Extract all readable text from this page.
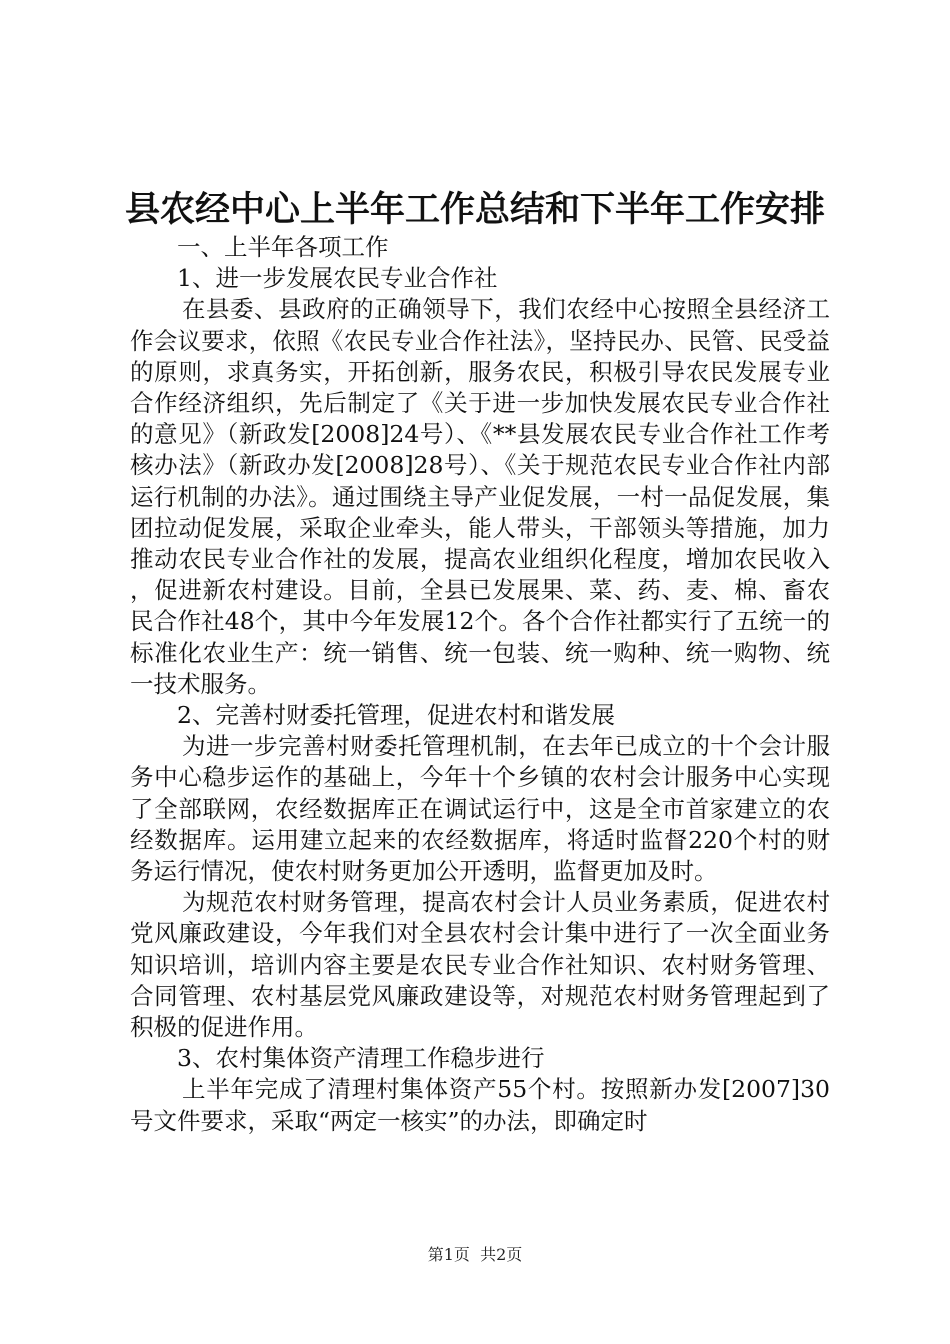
县农经中心上半年工作总结和下半年工作安排

一、上半年各项工作

1、进一步发展农民专业合作社

在县委、县政府的正确领导下，我们农经中心按照全县经济工作会议要求，依照《农民专业合作社法》，坚持民办、民管、民受益的原则，求真务实，开拓创新，服务农民，积极引导农民发展专业合作经济组织，先后制定了《关于进一步加快发展农民专业合作社的意见》（新政发[2008]24号）、《**县发展农民专业合作社工作考核办法》（新政办发[2008]28号）、《关于规范农民专业合作社内部运行机制的办法》。通过围绕主导产业促发展，一村一品促发展，集团拉动促发展，采取企业牵头，能人带头，干部领头等措施，加力推动农民专业合作社的发展，提高农业组织化程度，增加农民收入，促进新农村建设。目前，全县已发展果、菜、药、麦、棉、畜农民合作社48个，其中今年发展12个。各个合作社都实行了五统一的标准化农业生产：统一销售、统一包装、统一购种、统一购物、统一技术服务。

2、完善村财委托管理，促进农村和谐发展

为进一步完善村财委托管理机制，在去年已成立的十个会计服务中心稳步运作的基础上，今年十个乡镇的农村会计服务中心实现了全部联网，农经数据库正在调试运行中，这是全市首家建立的农经数据库。运用建立起来的农经数据库，将适时监督220个村的财务运行情况，使农村财务更加公开透明，监督更加及时。

为规范农村财务管理，提高农村会计人员业务素质，促进农村党风廉政建设，今年我们对全县农村会计集中进行了一次全面业务知识培训，培训内容主要是农民专业合作社知识、农村财务管理、合同管理、农村基层党风廉政建设等，对规范农村财务管理起到了积极的促进作用。

3、农村集体资产清理工作稳步进行

上半年完成了清理村集体资产55个村。按照新办发[2007]30号文件要求，采取“两定一核实”的办法，即确定时

第1页 共2页
